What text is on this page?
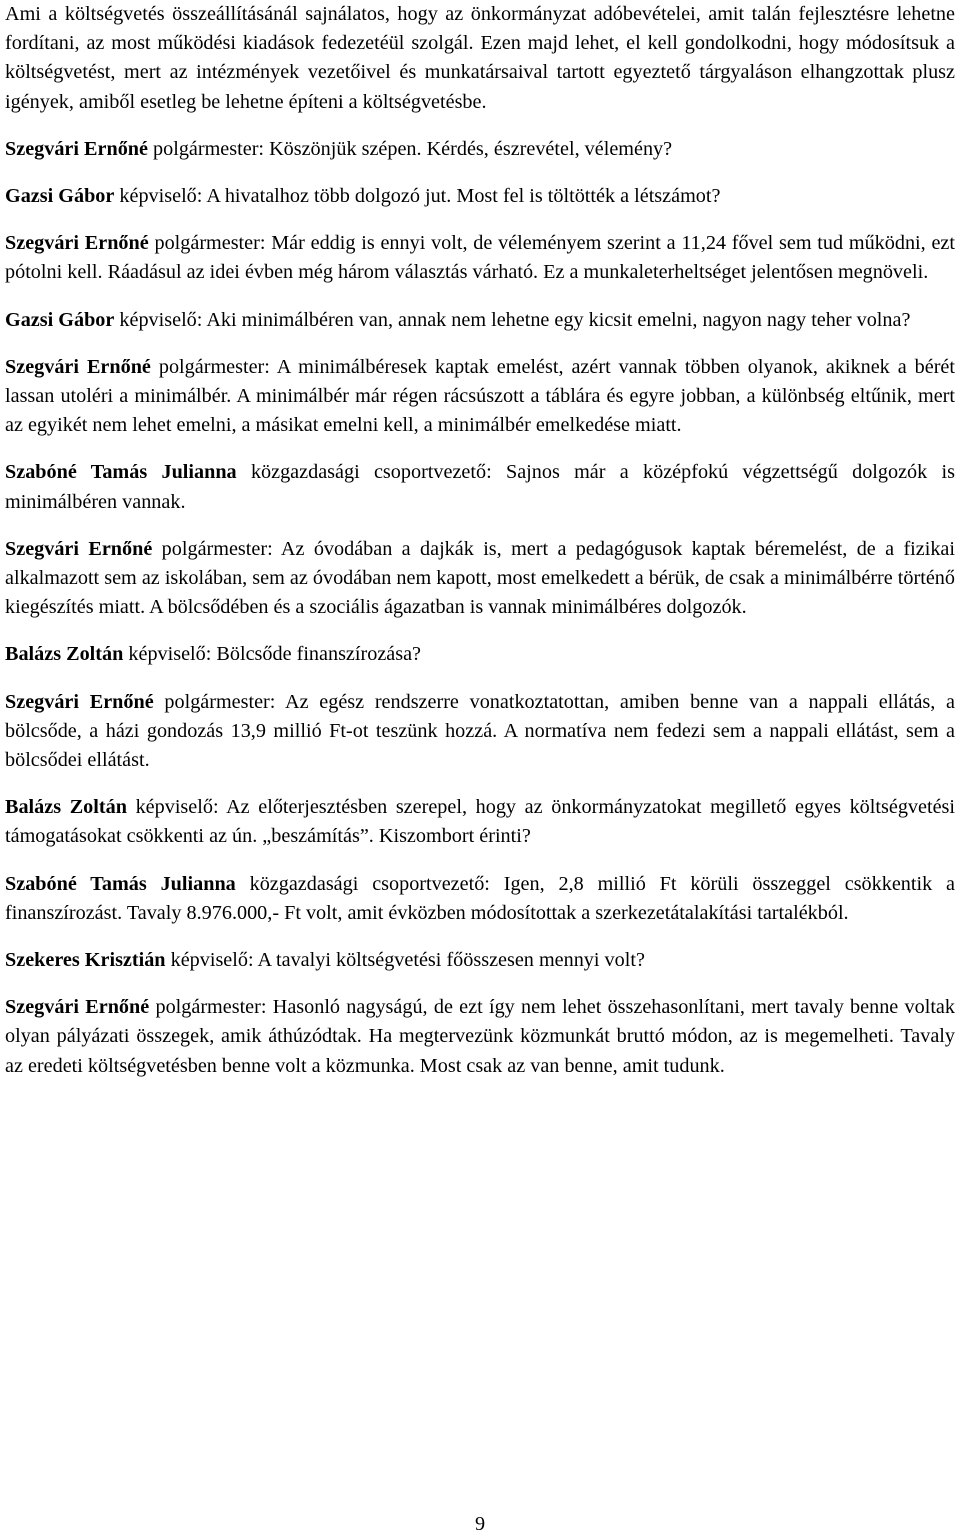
Ami a költségvetés összeállításánál sajnálatos, hogy az önkormányzat adóbevételei, amit talán fejlesztésre lehetne fordítani, az most működési kiadások fedezetéül szolgál. Ezen majd lehet, el kell gondolkodni, hogy módosítsuk a költségvetést, mert az intézmények vezetőivel és munkatársaival tartott egyeztető tárgyaláson elhangzottak plusz igények, amiből esetleg be lehetne építeni a költségvetésbe.

Szegvári Ernőné polgármester: Köszönjük szépen. Kérdés, észrevétel, vélemény?

Gazsi Gábor képviselő: A hivatalhoz több dolgozó jut. Most fel is töltötték a létszámot?

Szegvári Ernőné polgármester: Már eddig is ennyi volt, de véleményem szerint a 11,24 fővel sem tud működni, ezt pótolni kell. Ráadásul az idei évben még három választás várható. Ez a munkaleterheltséget jelentősen megnöveli.

Gazsi Gábor képviselő: Aki minimálbéren van, annak nem lehetne egy kicsit emelni, nagyon nagy teher volna?

Szegvári Ernőné polgármester: A minimálbéresek kaptak emelést, azért vannak többen olyanok, akiknek a bérét lassan utoléri a minimálbér. A minimálbér már régen rácsúszott a táblára és egyre jobban, a különbség eltűnik, mert az egyikét nem lehet emelni, a másikat emelni kell, a minimálbér emelkedése miatt.

Szabóné Tamás Julianna közgazdasági csoportvezető: Sajnos már a középfokú végzettségű dolgozók is minimálbéren vannak.

Szegvári Ernőné polgármester: Az óvodában a dajkák is, mert a pedagógusok kaptak béremelést, de a fizikai alkalmazott sem az iskolában, sem az óvodában nem kapott, most emelkedett a bérük, de csak a minimálbérre történő kiegészítés miatt. A bölcsődében és a szociális ágazatban is vannak minimálbéres dolgozók.

Balázs Zoltán képviselő: Bölcsőde finanszírozása?

Szegvári Ernőné polgármester: Az egész rendszerre vonatkoztatottan, amiben benne van a nappali ellátás, a bölcsőde, a házi gondozás 13,9 millió Ft-ot teszünk hozzá. A normatíva nem fedezi sem a nappali ellátást, sem a bölcsődei ellátást.

Balázs Zoltán képviselő: Az előterjesztésben szerepel, hogy az önkormányzatokat megillető egyes költségvetési támogatásokat csökkenti az ún. „beszámítás”. Kiszombort érinti?

Szabóné Tamás Julianna közgazdasági csoportvezető: Igen, 2,8 millió Ft körüli összeggel csökkentik a finanszírozást. Tavaly 8.976.000,- Ft volt, amit évközben módosítottak a szerkezetátalakítási tartalékból.

Szekeres Krisztián képviselő: A tavalyi költségvetési főösszesen mennyi volt?

Szegvári Ernőné polgármester: Hasonló nagyságú, de ezt így nem lehet összehasonlítani, mert tavaly benne voltak olyan pályázati összegek, amik áthúzódtak. Ha megtervezünk közmunkát bruttó módon, az is megemelheti. Tavaly az eredeti költségvetésben benne volt a közmunka. Most csak az van benne, amit tudunk.

9
